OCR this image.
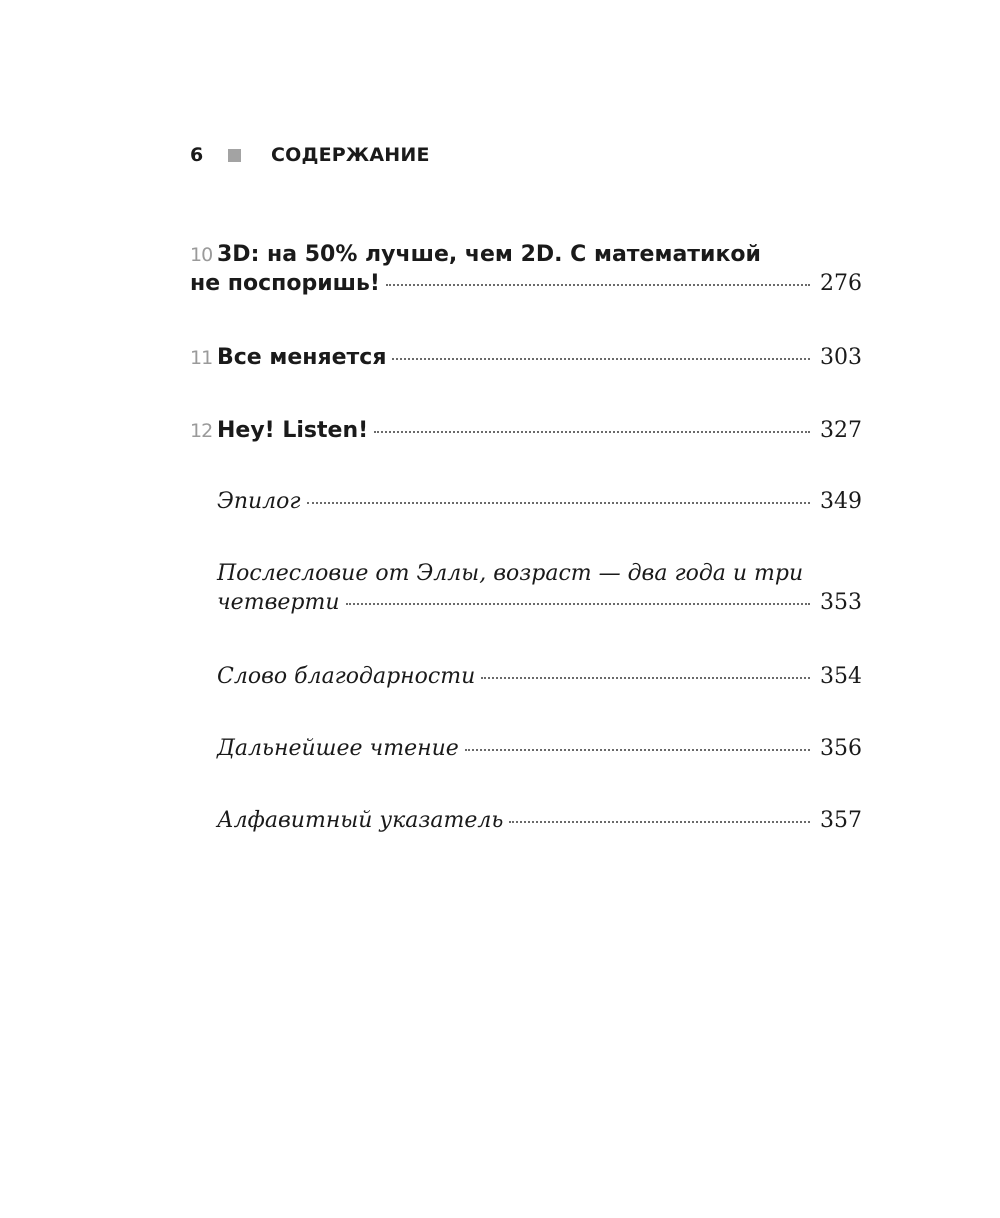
6	СОДЕРЖАНИЕ
10 3D: на 50% лучше, чем 2D. С математикой
не поспоришь!	276
11 Все меняется	303
12 Hey! Listen!	327
Эпилог	349
Послесловие от Эллы, возраст — два года и три
четверти	353
Слово благодарности	354
Дальнейшее чтение	356
Алфавитный указатель	357
